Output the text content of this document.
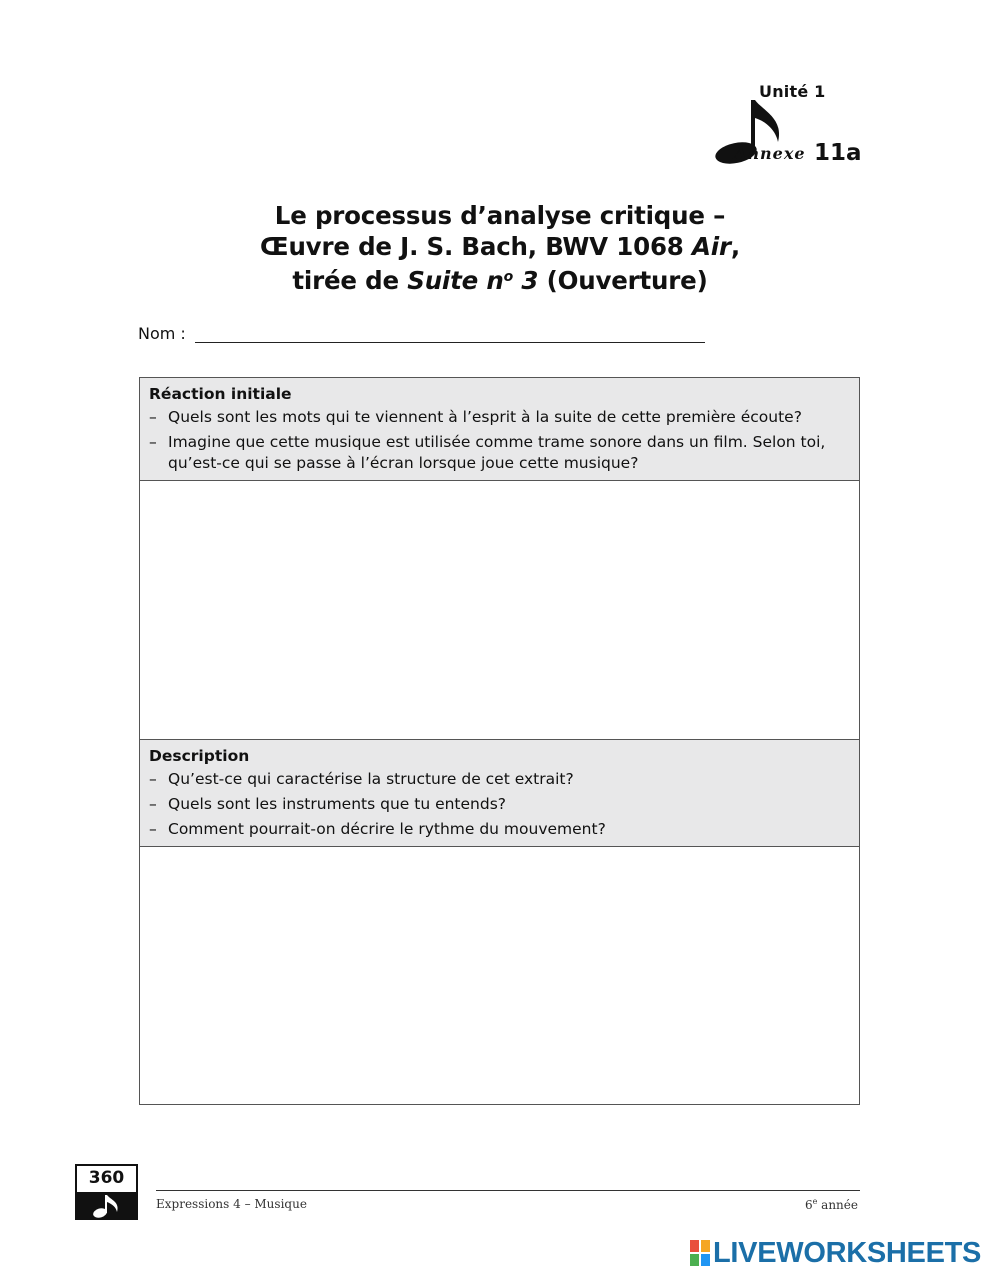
Unité 1
Annexe 11a
Le processus d’analyse critique –
Œuvre de J. S. Bach, BWV 1068 Air,
tirée de Suite $n^o$ 3 (Ouverture)
Nom :
Réaction initiale
– Quels sont les mots qui te viennent à l’esprit à la suite de cette première écoute?
– Imagine que cette musique est utilisée comme trame sonore dans un film. Selon toi, qu’est-ce qui se passe à l’écran lorsque joue cette musique?
Description
– Qu’est-ce qui caractérise la structure de cet extrait?
– Quels sont les instruments que tu entends?
– Comment pourrait-on décrire le rythme du mouvement?
360
Expressions 4 – Musique	6e année
LIVEWORKSHEETS
